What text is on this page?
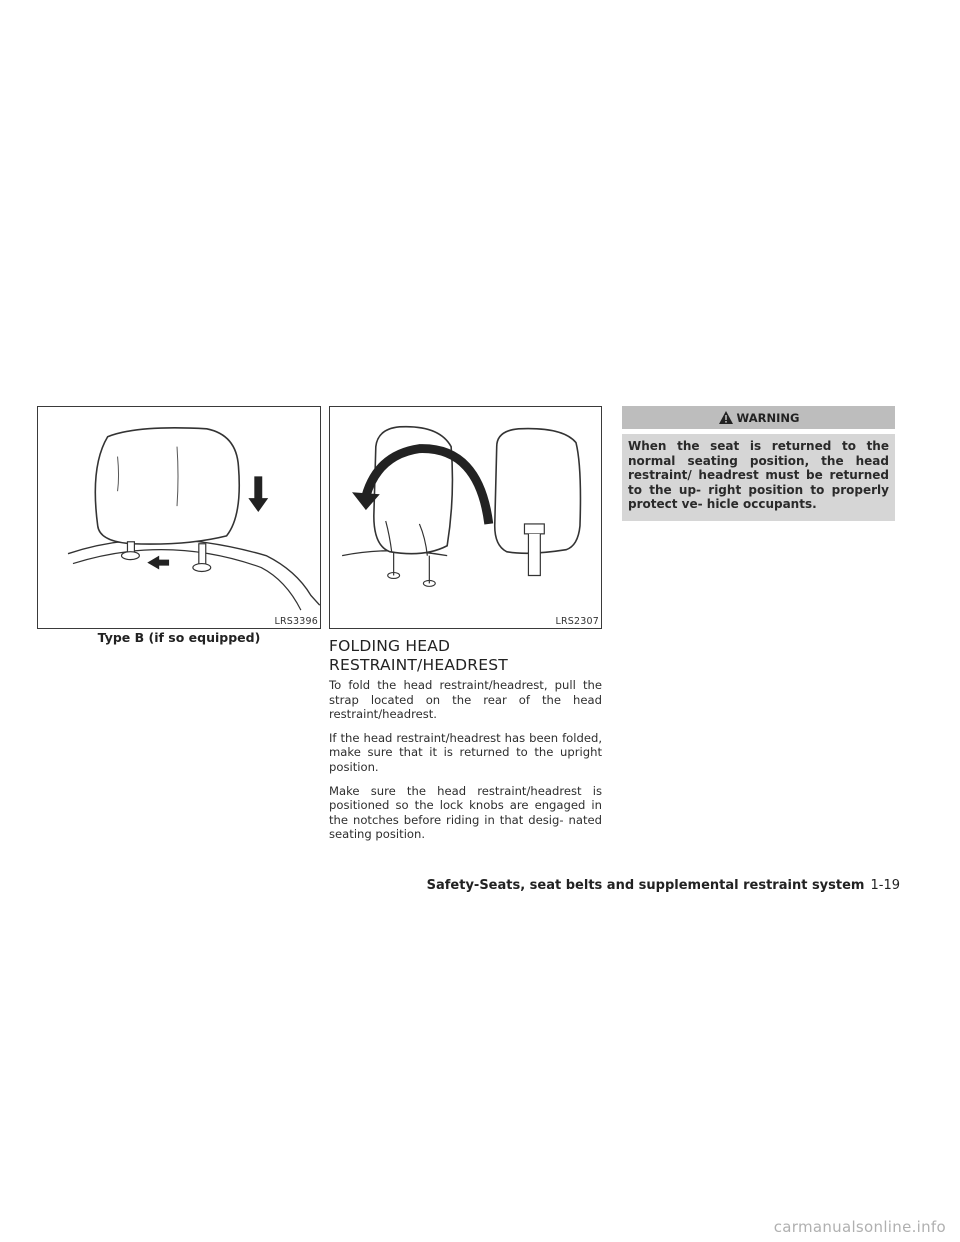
LRS3396
Type B (if so equipped)
LRS2307
FOLDING HEAD
RESTRAINT/HEADREST

To fold the head restraint/headrest, pull the strap located on the rear of the head restraint/headrest.

If the head restraint/headrest has been folded, make sure that it is returned to the upright position.

Make sure the head restraint/headrest is positioned so the lock knobs are engaged in the notches before riding in that desig- nated seating position.

WARNING
When the seat is returned to the normal seating position, the head restraint/ headrest must be returned to the up- right position to properly protect ve- hicle occupants.
Safety-Seats, seat belts and supplemental restraint system 1-19
carmanualsonline.info
